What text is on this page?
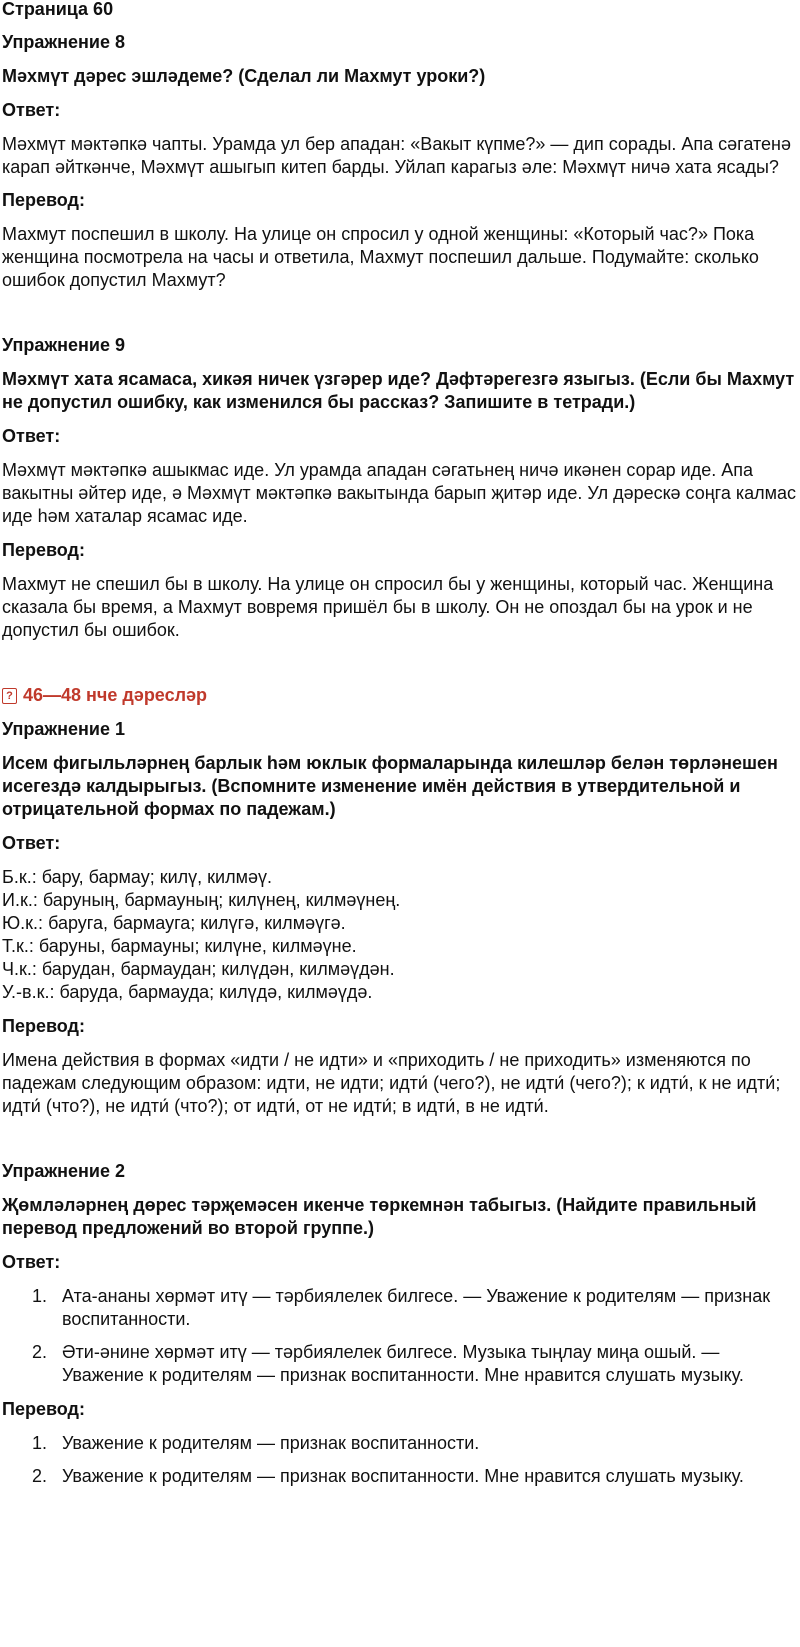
Страница 60

Упражнение 8

Мәхмүт дәрес эшләдеме? (Сделал ли Махмут уроки?)

Ответ:

Мәхмүт мәктәпкә чапты. Урамда ул бер ападан: «Вакыт күпме?» — дип сорады. Апа сәгатенә карап әйткәнче, Мәхмүт ашыгып китеп барды. Уйлап карагыз әле: Мәхмүт ничә хата ясады?

Перевод:

Махмут поспешил в школу. На улице он спросил у одной женщины: «Который час?» Пока женщина посмотрела на часы и ответила, Махмут поспешил дальше. Подумайте: сколько ошибок допустил Махмут?

Упражнение 9

Мәхмүт хата ясамаса, хикәя ничек үзгәрер иде? Дәфтәрегезгә языгыз. (Если бы Махмут не допустил ошибку, как изменился бы рассказ? Запишите в тетради.)

Ответ:

Мәхмүт мәктәпкә ашыкмас иде. Ул урамда ападан сәгатьнең ничә икәнен сорар иде. Апа вакытны әйтер иде, ә Мәхмүт мәктәпкә вакытында барып җитәр иде. Ул дәрескә соңга калмас иде һәм хаталар ясамас иде.

Перевод:

Махмут не спешил бы в школу. На улице он спросил бы у женщины, который час. Женщина сказала бы время, а Махмут вовремя пришёл бы в школу. Он не опоздал бы на урок и не допустил бы ошибок.

? 46—48 нче дәресләр

Упражнение 1

Исем фигыльләрнең барлык һәм юклык формаларында килешләр белән төрләнешен исегездә калдырыгыз. (Вспомните изменение имён действия в утвердительной и отрицательной формах по падежам.)

Ответ:

Б.к.: бару, бармау; килү, килмәү.

И.к.: баруның, бармауның; килүнең, килмәүнең.

Ю.к.: баруга, бармауга; килүгә, килмәүгә.

Т.к.: баруны, бармауны; килүне, килмәүне.

Ч.к.: барудан, бармаудан; килүдән, килмәүдән.

У.-в.к.: баруда, бармауда; килүдә, килмәүдә.

Перевод:

Имена действия в формах «идти / не идти» и «приходить / не приходить» изменяются по падежам следующим образом: идти, не идти; идти́ (чего?), не идти́ (чего?); к идти́, к не идти́; идти́ (что?), не идти́ (что?); от идти́, от не идти́; в идти́, в не идти́.

Упражнение 2

Җөмләләрнең дөрес тәрҗемәсен икенче төркемнән табыгыз. (Найдите правильный перевод предложений во второй группе.)

Ответ:

1. Ата-ананы хөрмәт итү — тәрбиялелек билгесе. — Уважение к родителям — признак воспитанности.
2. Әти-әнине хөрмәт итү — тәрбиялелек билгесе. Музыка тыңлау миңа ошый. — Уважение к родителям — признак воспитанности. Мне нравится слушать музыку.

Перевод:

1. Уважение к родителям — признак воспитанности.
2. Уважение к родителям — признак воспитанности. Мне нравится слушать музыку.
